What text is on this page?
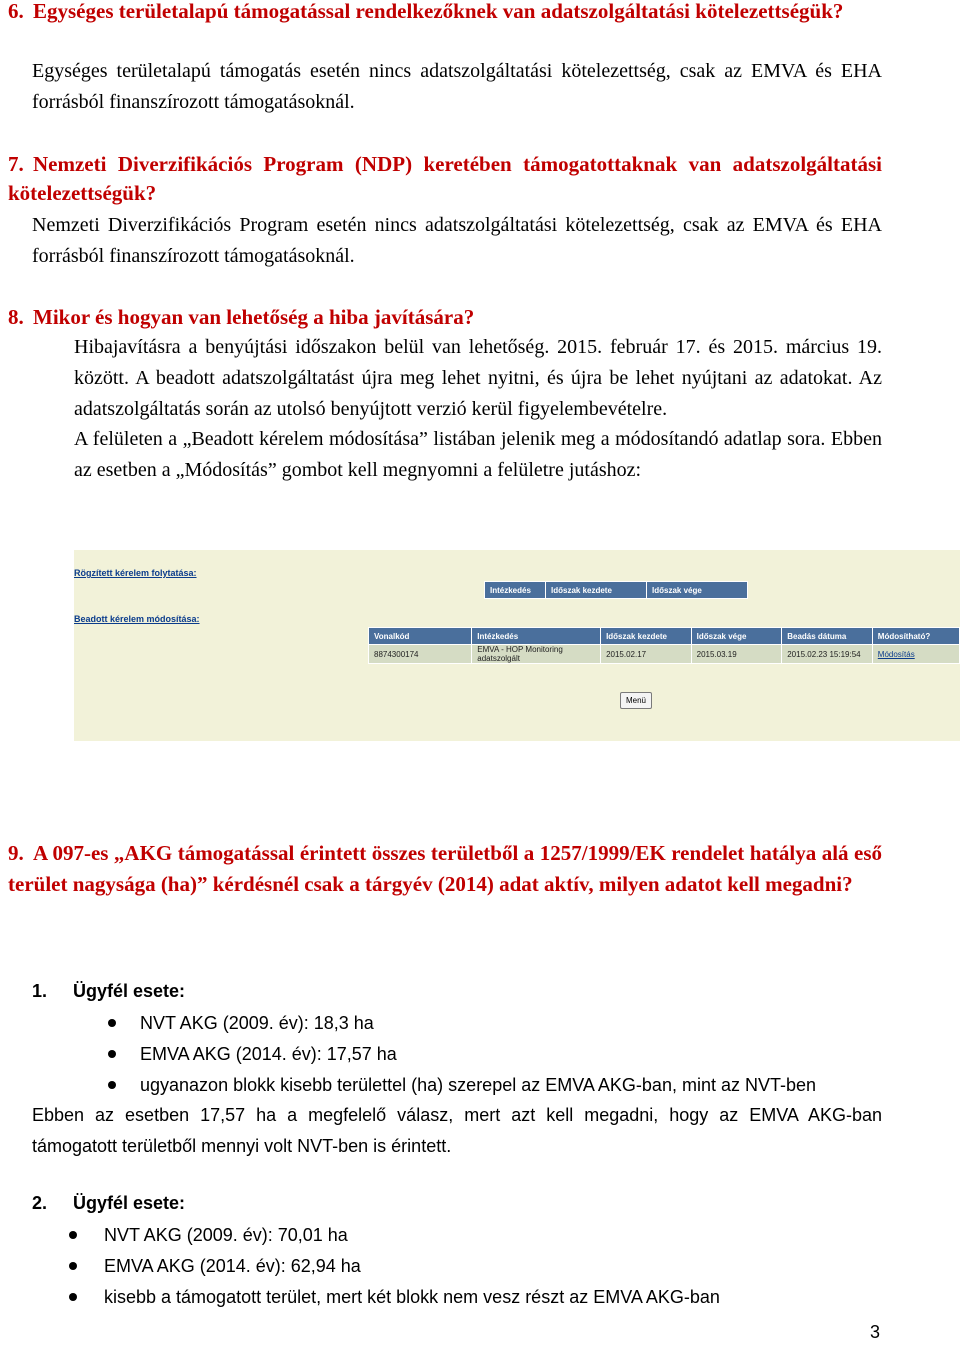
6. Egységes területalapú támogatással rendelkezőknek van adatszolgáltatási kötelezettségük?

Egységes területalapú támogatás esetén nincs adatszolgáltatási kötelezettség, csak az EMVA és EHA forrásból finanszírozott támogatásoknál.

7. Nemzeti Diverzifikációs Program (NDP) keretében támogatottaknak van adatszolgáltatási kötelezettségük?

Nemzeti Diverzifikációs Program esetén nincs adatszolgáltatási kötelezettség, csak az EMVA és EHA forrásból finanszírozott támogatásoknál.

8. Mikor és hogyan van lehetőség a hiba javítására?

Hibajavításra a benyújtási időszakon belül van lehetőség. 2015. február 17. és 2015. március 19. között. A beadott adatszolgáltatást újra meg lehet nyitni, és újra be lehet nyújtani az adatokat. Az adatszolgáltatás során az utolsó benyújtott verzió kerül figyelembevételre.

A felületen a „Beadott kérelem módosítása” listában jelenik meg a módosítandó adatlap sora. Ebben az esetben a „Módosítás” gombot kell megnyomni a felületre jutáshoz:

Rögzített kérelem folytatása:
Intézkedés	Időszak kezdete	Időszak vége
Beadott kérelem módosítása:
Vonalkód	Intézkedés	Időszak kezdete	Időszak vége	Beadás dátuma	Módosítható?
8874300174	EMVA - HOP Monitoring adatszolgált	2015.02.17	2015.03.19	2015.02.23 15:19:54	Módosítás
Menü
9. A 097-es „AKG támogatással érintett összes területből a 1257/1999/EK rendelet hatálya alá eső terület nagysága (ha)” kérdésnél csak a tárgyév (2014) adat aktív, milyen adatot kell megadni?
1. Ügyfél esete:
NVT AKG (2009. év): 18,3 ha
EMVA AKG (2014. év): 17,57 ha
ugyanazon blokk kisebb területtel (ha) szerepel az EMVA AKG-ban, mint az NVT-ben
Ebben az esetben 17,57 ha a megfelelő válasz, mert azt kell megadni, hogy az EMVA AKG-ban támogatott területből mennyi volt NVT-ben is érintett.
2. Ügyfél esete:
NVT AKG (2009. év): 70,01 ha
EMVA AKG (2014. év): 62,94 ha
kisebb a támogatott terület, mert két blokk nem vesz részt az EMVA AKG-ban
3
